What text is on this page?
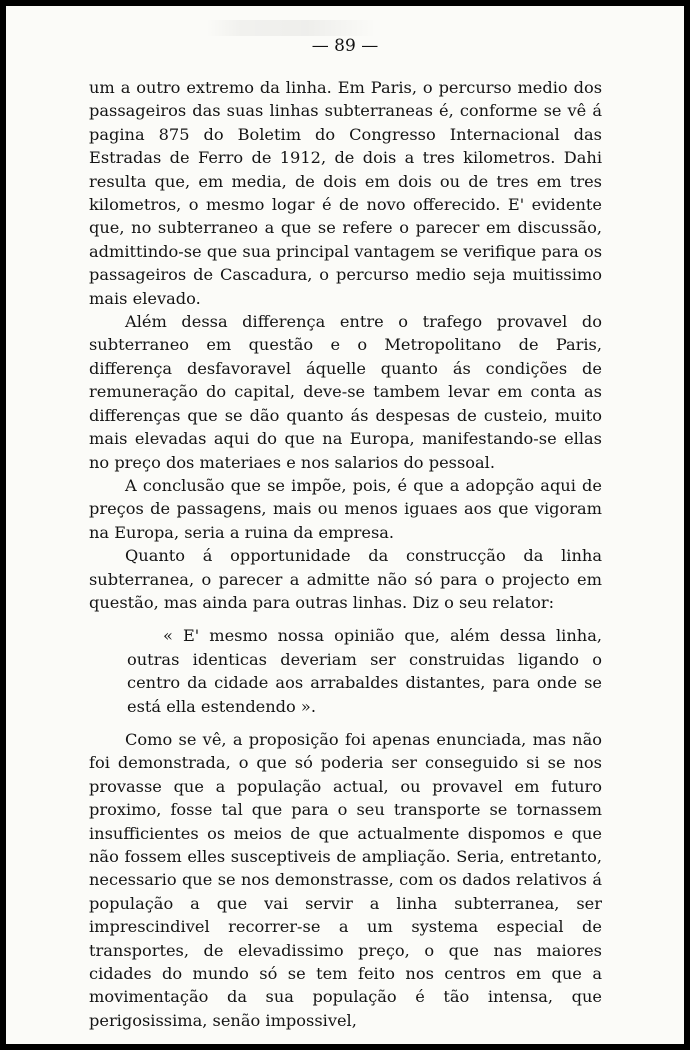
— 89 —

um a outro extremo da linha. Em Paris, o percurso medio dos passageiros das suas linhas subterraneas é, conforme se vê á pagina 875 do Boletim do Congresso Internacional das Estradas de Ferro de 1912, de dois a tres kilometros. Dahi resulta que, em media, de dois em dois ou de tres em tres kilometros, o mesmo logar é de novo offerecido. E' evidente que, no subterraneo a que se refere o parecer em discussão, admittindo-se que sua principal vantagem se verifique para os passageiros de Cascadura, o percurso medio seja muitissimo mais elevado.

Além dessa differença entre o trafego provavel do subterraneo em questão e o Metropolitano de Paris, differença desfavoravel áquelle quanto ás condições de remuneração do capital, deve-se tambem levar em conta as differenças que se dão quanto ás despesas de custeio, muito mais elevadas aqui do que na Europa, manifestando-se ellas no preço dos materiaes e nos salarios do pessoal.

A conclusão que se impõe, pois, é que a adopção aqui de preços de passagens, mais ou menos iguaes aos que vigoram na Europa, seria a ruina da empresa.

Quanto á opportunidade da construcção da linha subterranea, o parecer a admitte não só para o projecto em questão, mas ainda para outras linhas. Diz o seu relator:

« E' mesmo nossa opinião que, além dessa linha, outras identicas deveriam ser construidas ligando o centro da cidade aos arrabaldes distantes, para onde se está ella estendendo ».

Como se vê, a proposição foi apenas enunciada, mas não foi demonstrada, o que só poderia ser conseguido si se nos provasse que a população actual, ou provavel em futuro proximo, fosse tal que para o seu transporte se tornassem insufficientes os meios de que actualmente dispomos e que não fossem elles susceptiveis de ampliação. Seria, entretanto, necessario que se nos demonstrasse, com os dados relativos á população a que vai servir a linha subterranea, ser imprescindivel recorrer-se a um systema especial de transportes, de elevadissimo preço, o que nas maiores cidades do mundo só se tem feito nos centros em que a movimentação da sua população é tão intensa, que perigosissima, senão impossivel,
